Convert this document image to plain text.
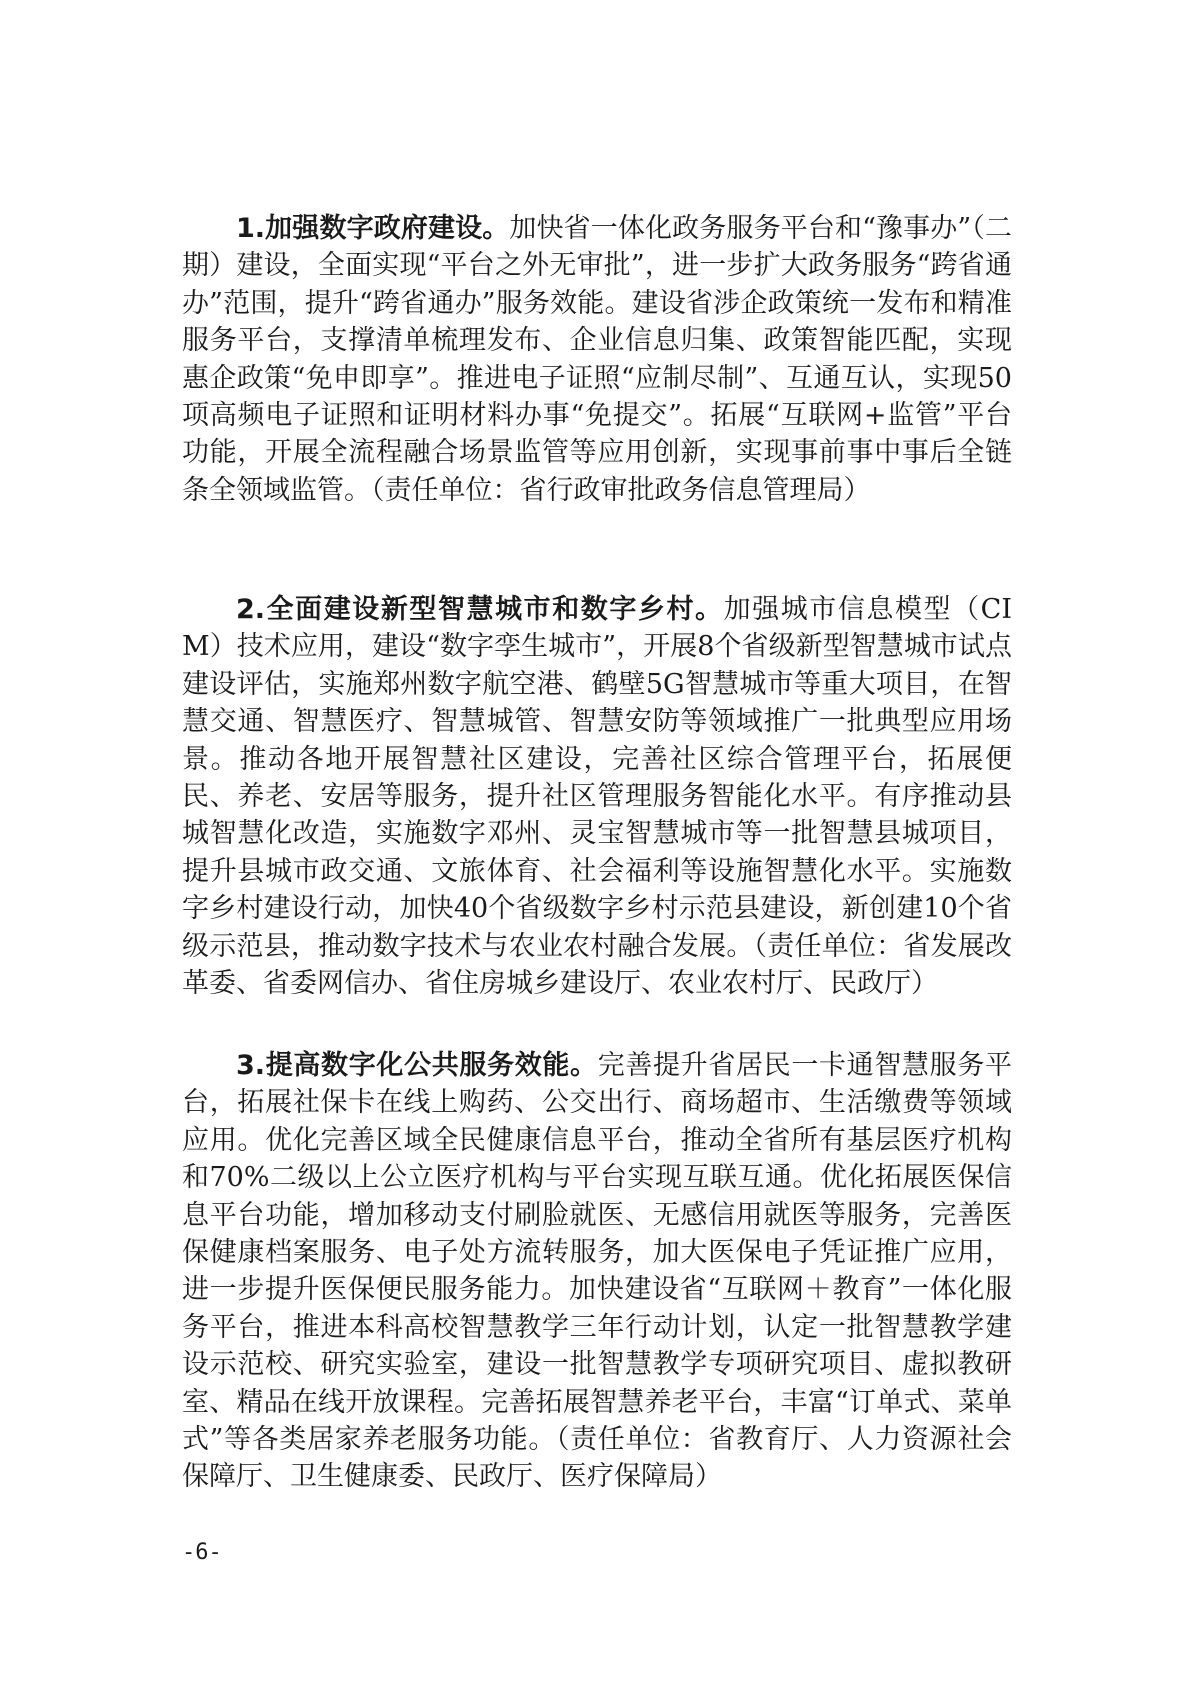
1.加强数字政府建设。加快省一体化政务服务平台和“豫事办”（二期）建设，全面实现“平台之外无审批”，进一步扩大政务服务“跨省通办”范围，提升“跨省通办”服务效能。建设省涉企政策统一发布和精准服务平台，支撑清单梳理发布、企业信息归集、政策智能匹配，实现惠企政策“免申即享”。推进电子证照“应制尽制”、互通互认，实现50项高频电子证照和证明材料办事“免提交”。拓展“互联网+监管”平台功能，开展全流程融合场景监管等应用创新，实现事前事中事后全链条全领域监管。（责任单位：省行政审批政务信息管理局）

2.全面建设新型智慧城市和数字乡村。加强城市信息模型（CIM）技术应用，建设“数字孪生城市”，开展8个省级新型智慧城市试点建设评估，实施郑州数字航空港、鹤壁5G智慧城市等重大项目，在智慧交通、智慧医疗、智慧城管、智慧安防等领域推广一批典型应用场景。推动各地开展智慧社区建设，完善社区综合管理平台，拓展便民、养老、安居等服务，提升社区管理服务智能化水平。有序推动县城智慧化改造，实施数字邓州、灵宝智慧城市等一批智慧县城项目，提升县城市政交通、文旅体育、社会福利等设施智慧化水平。实施数字乡村建设行动，加快40个省级数字乡村示范县建设，新创建10个省级示范县，推动数字技术与农业农村融合发展。（责任单位：省发展改革委、省委网信办、省住房城乡建设厅、农业农村厅、民政厅）

3.提高数字化公共服务效能。完善提升省居民一卡通智慧服务平台，拓展社保卡在线上购药、公交出行、商场超市、生活缴费等领域应用。优化完善区域全民健康信息平台，推动全省所有基层医疗机构和70%二级以上公立医疗机构与平台实现互联互通。优化拓展医保信息平台功能，增加移动支付刷脸就医、无感信用就医等服务，完善医保健康档案服务、电子处方流转服务，加大医保电子凭证推广应用，进一步提升医保便民服务能力。加快建设省“互联网＋教育”一体化服务平台，推进本科高校智慧教学三年行动计划，认定一批智慧教学建设示范校、研究实验室，建设一批智慧教学专项研究项目、虚拟教研室、精品在线开放课程。完善拓展智慧养老平台，丰富“订单式、菜单式”等各类居家养老服务功能。（责任单位：省教育厅、人力资源社会保障厅、卫生健康委、民政厅、医疗保障局）

-6-
